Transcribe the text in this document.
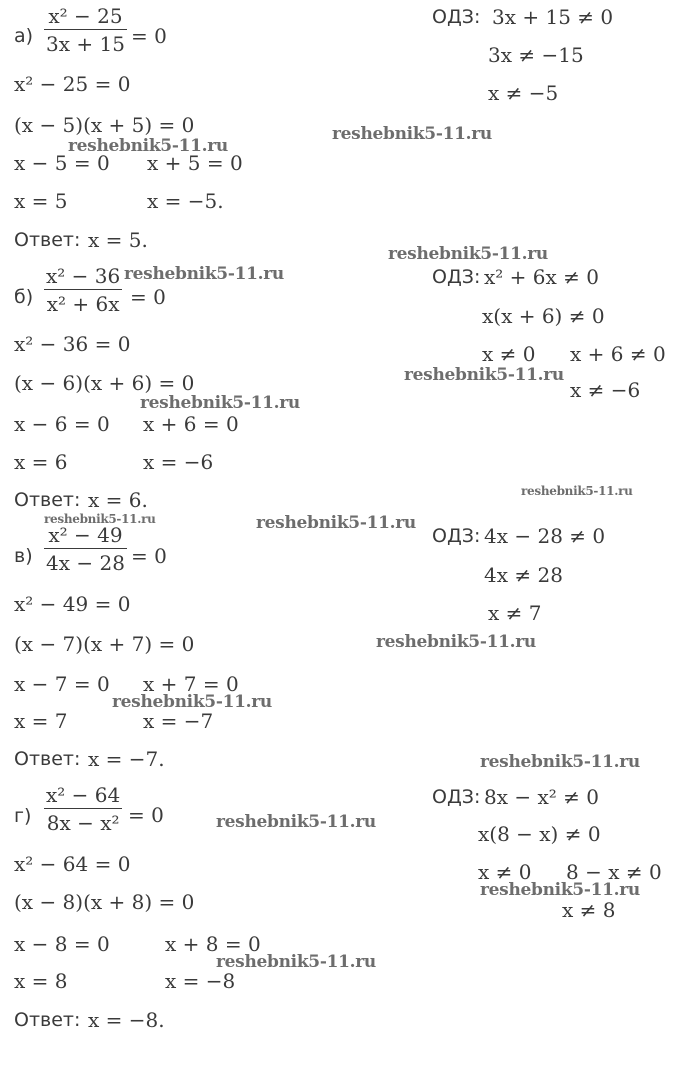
а)
x² − 25
3x + 15 = 0
x² − 25 = 0
(x − 5)(x + 5) = 0
x − 5 = 0 x + 5 = 0
x = 5	x = −5.
Ответ: x = 5.
ОДЗ: 3x + 15 ≠ 0
3x ≠ −15
x ≠ −5
б)
x² − 36
x² + 6x = 0
x² − 36 = 0
(x − 6)(x + 6) = 0
x − 6 = 0 x + 6 = 0
x = 6	x = −6
Ответ: x = 6.
ОДЗ: x² + 6x ≠ 0
x(x + 6) ≠ 0
x ≠ 0 x + 6 ≠ 0
x ≠ −6
в)
x² − 49
4x − 28 = 0
x² − 49 = 0
(x − 7)(x + 7) = 0
x − 7 = 0 x + 7 = 0
x = 7	x = −7
Ответ: x = −7.
ОДЗ: 4x − 28 ≠ 0
4x ≠ 28
x ≠ 7
г)
x² − 64
8x − x² = 0
x² − 64 = 0
(x − 8)(x + 8) = 0
x − 8 = 0	x + 8 = 0
x = 8	x = −8
Ответ: x = −8.
ОДЗ: 8x − x² ≠ 0
x(8 − x) ≠ 0
x ≠ 0 8 − x ≠ 0
x ≠ 8
reshebnik5-11.ru
reshebnik5-11.ru
reshebnik5-11.ru
reshebnik5-11.ru
reshebnik5-11.ru
reshebnik5-11.ru
reshebnik5-11.ru
reshebnik5-11.ru	reshebnik5-11.ru
reshebnik5-11.ru
reshebnik5-11.ru
reshebnik5-11.ru
reshebnik5-11.ru
reshebnik5-11.ru
reshebnik5-11.ru
